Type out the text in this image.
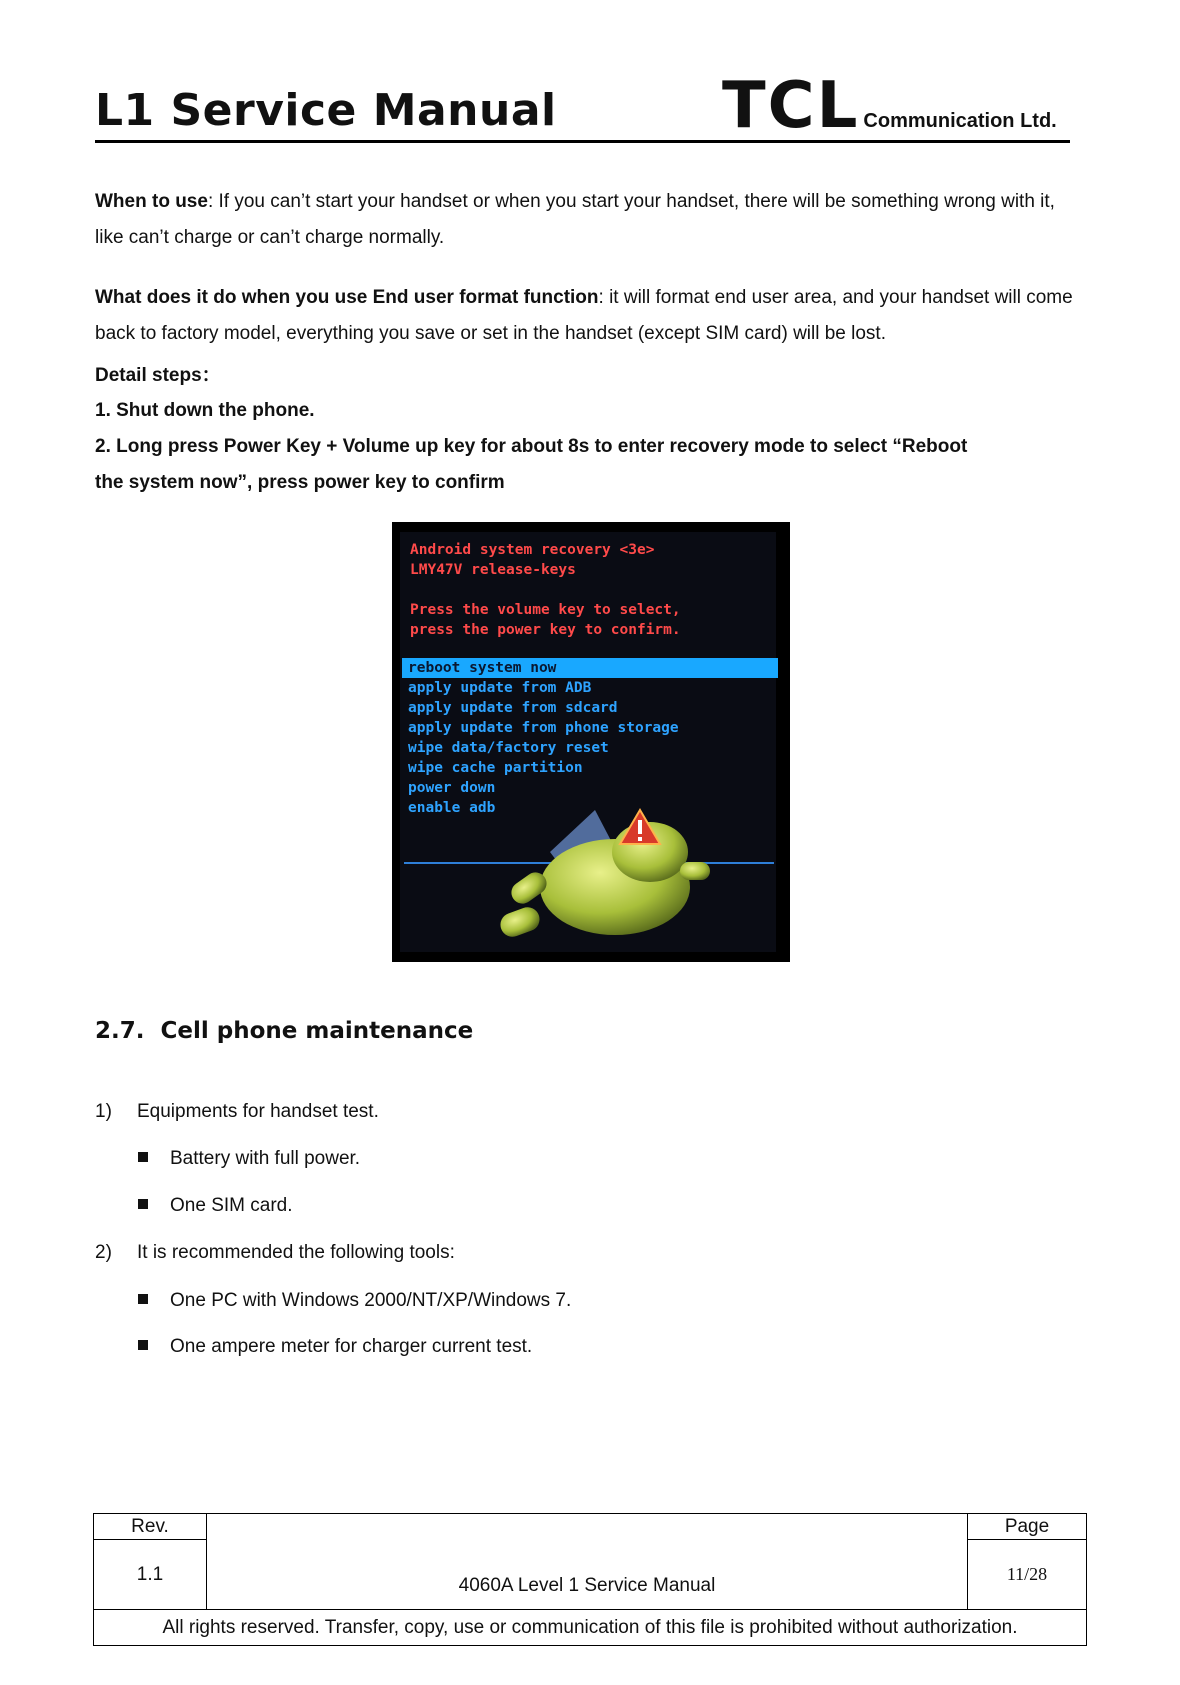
L1 Service Manual	TCL Communication Ltd.
When to use: If you can’t start your handset or when you start your handset, there will be something wrong with it, like can’t charge or can’t charge normally.
What does it do when you use End user format function: it will format end user area, and your handset will come back to factory model, everything you save or set in the handset (except SIM card) will be lost.
Detail steps：
1. Shut down the phone.
2. Long press Power Key + Volume up key for about 8s to enter recovery mode to select “Reboot
the system now”, press power key to confirm
Android system recovery <3e>
LMY47V release-keys
Press the volume key to select,
press the power key to confirm.
reboot system now
apply update from ADB
apply update from sdcard
apply update from phone storage
wipe data/factory reset
wipe cache partition
power down
enable adb
2.7. Cell phone maintenance
1) Equipments for handset test.
Battery with full power.
One SIM card.
2) It is recommended the following tools:
One PC with Windows 2000/NT/XP/Windows 7.
One ampere meter for charger current test.
Rev.	4060A Level 1 Service Manual	Page
1.1		11/28
All rights reserved. Transfer, copy, use or communication of this file is prohibited without authorization.		
